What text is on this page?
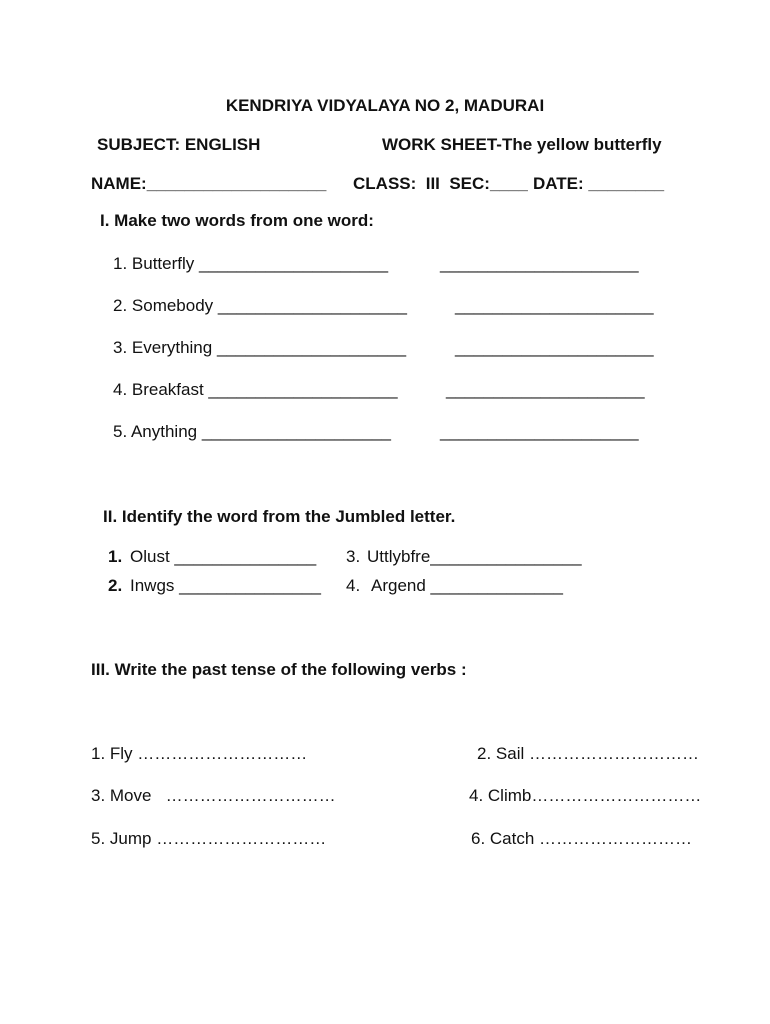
KENDRIYA VIDYALAYA NO 2, MADURAI
SUBJECT: ENGLISH	WORK SHEET-The yellow butterfly
NAME:___________________ CLASS:  III  SEC:____ DATE: ________
I. Make two words from one word:
1. Butterfly ____________________	_____________________
2. Somebody ____________________	_____________________
3. Everything ____________________	_____________________
4. Breakfast ____________________	_____________________
5. Anything ____________________	_____________________
II. Identify the word from the Jumbled letter.
1. Olust _______________ 3. Uttlybfre________________
2. Inwgs _______________ 4. Argend ______________
III. Write the past tense of the following verbs :
1. Fly …………………………	2. Sail …………………………
3. Move   …………………………	4. Climb…………………………
5. Jump …………………………	6. Catch ………………………
